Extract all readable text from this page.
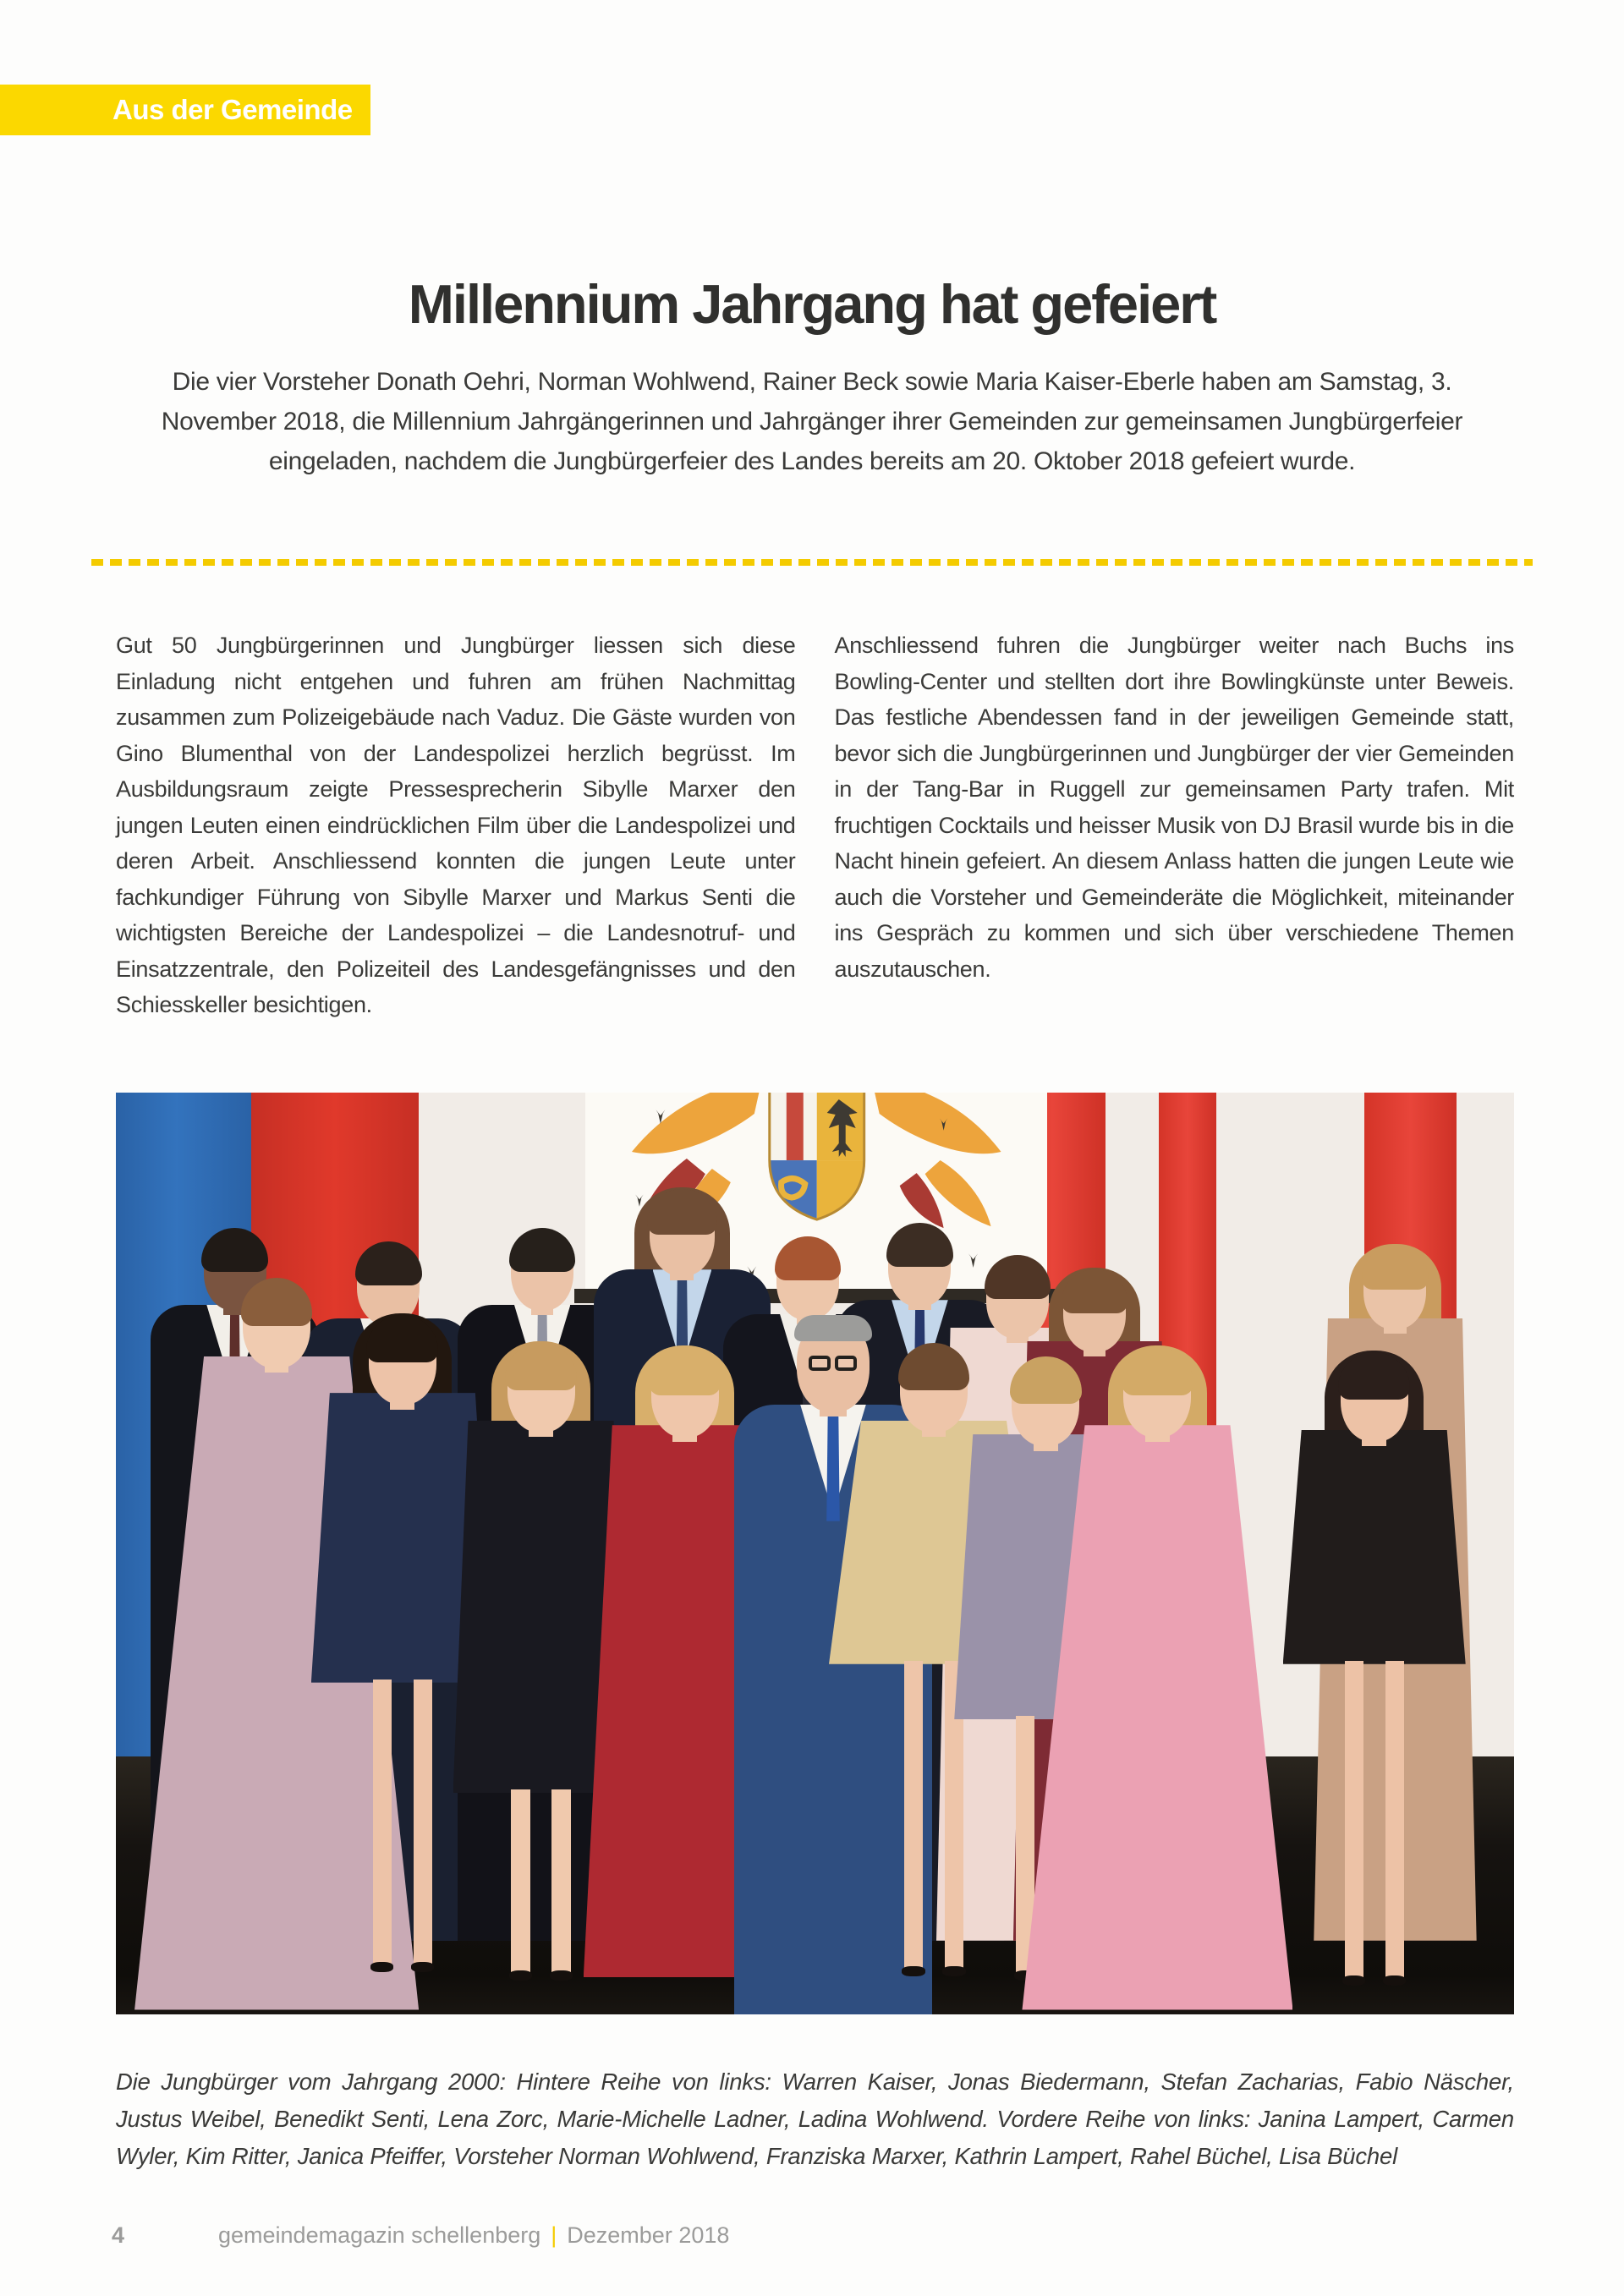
Aus der Gemeinde
Millennium Jahrgang hat gefeiert

Die vier Vorsteher Donath Oehri, Norman Wohlwend, Rainer Beck sowie Maria Kaiser-Eberle haben am Samstag, 3. November 2018, die Millennium Jahrgängerinnen und Jahrgänger ihrer Gemeinden zur gemeinsamen Jungbürgerfeier eingeladen, nachdem die Jungbürgerfeier des Landes bereits am 20. Oktober 2018 gefeiert wurde.

Gut 50 Jungbürgerinnen und Jungbürger liessen sich diese Einladung nicht entgehen und fuhren am frühen Nachmittag zusammen zum Polizeigebäude nach Vaduz. Die Gäste wurden von Gino Blumenthal von der Landespolizei herzlich begrüsst. Im Ausbildungsraum zeigte Pressesprecherin Sibylle Marxer den jungen Leuten einen eindrücklichen Film über die Landespolizei und deren Arbeit. Anschliessend konnten die jungen Leute unter fachkundiger Führung von Sibylle Marxer und Markus Senti die wichtigsten Bereiche der Landespolizei – die Landesnotruf- und Einsatzzentrale, den Polizeiteil des Landesgefängnisses und den Schiesskeller besichtigen.

Anschliessend fuhren die Jungbürger weiter nach Buchs ins Bowling-Center und stellten dort ihre Bowlingkünste unter Beweis. Das festliche Abendessen fand in der jeweiligen Gemeinde statt, bevor sich die Jungbürgerinnen und Jungbürger der vier Gemeinden in der Tang-Bar in Ruggell zur gemeinsamen Party trafen. Mit fruchtigen Cocktails und heisser Musik von DJ Brasil wurde bis in die Nacht hinein gefeiert. An diesem Anlass hatten die jungen Leute wie auch die Vorsteher und Gemeinderäte die Möglichkeit, miteinander ins Gespräch zu kommen und sich über verschiedene Themen auszutauschen.

Die Jungbürger vom Jahrgang 2000: Hintere Reihe von links: Warren Kaiser, Jonas Biedermann, Stefan Zacharias, Fabio Näscher, Justus Weibel, Benedikt Senti, Lena Zorc, Marie-Michelle Ladner, Ladina Wohlwend. Vordere Reihe von links: Janina Lampert, Carmen Wyler, Kim Ritter, Janica Pfeiffer, Vorsteher Norman Wohlwend, Franziska Marxer, Kathrin Lampert, Rahel Büchel, Lisa Büchel

4	gemeindemagazin schellenberg | Dezember 2018
